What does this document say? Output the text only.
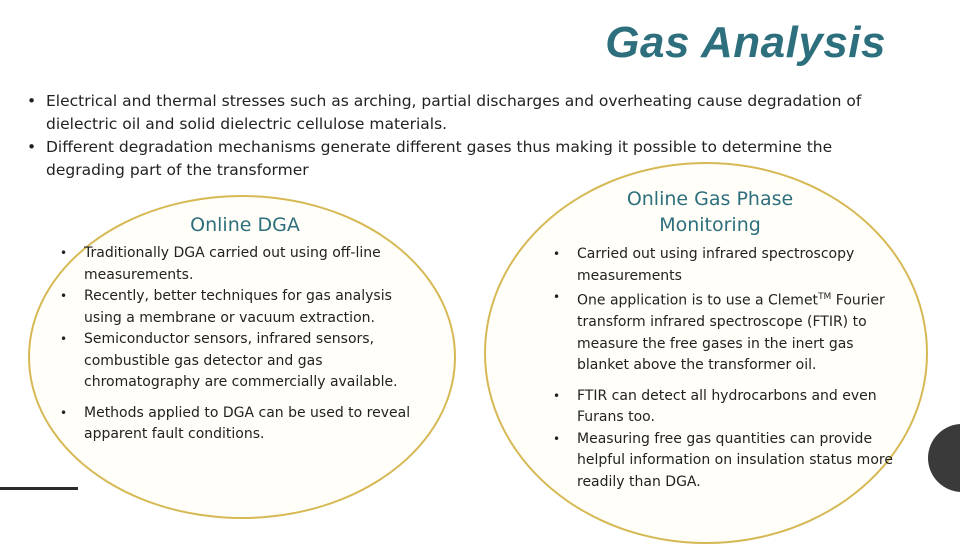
Gas Analysis
• Electrical and thermal stresses such as arching, partial discharges and overheating cause degradation of dielectric oil and solid dielectric cellulose materials.
• Different degradation mechanisms generate different gases thus making it possible to determine the degrading part of the transformer
Online DGA
Online Gas Phase
Monitoring
• Traditionally DGA carried out using off-line measurements.
• Recently, better techniques for gas analysis using a membrane or vacuum extraction.
• Semiconductor sensors, infrared sensors, combustible gas detector and gas chromatography are commercially available.
• Methods applied to DGA can be used to reveal apparent fault conditions.
• Carried out using infrared spectroscopy measurements
• One application is to use a Clemet™ Fourier transform infrared spectroscope (FTIR) to measure the free gases in the inert gas blanket above the transformer oil.
• FTIR can detect all hydrocarbons and even Furans too.
• Measuring free gas quantities can provide helpful information on insulation status more readily than DGA.
